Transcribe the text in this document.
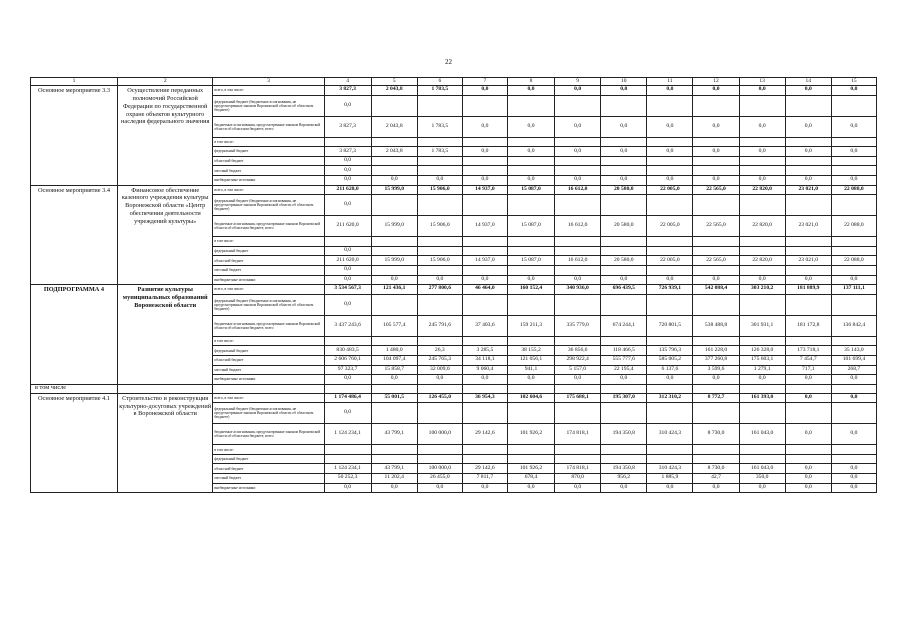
22
1	2	3	4	5	6	7	8	9	10	11	12	13	14	15
Основное мероприятие 3.3	Осуществление переданных полномочий Российской Федерации по государственной охране объектов культурного наследия федерального значения	всего, в том числе:	3 827,3	2 043,8	1 783,5	0,0	0,0	0,0	0,0	0,0	0,0	0,0	0,0	0,0
		федеральный бюджет (бюджетные ассигнования, не предусмотренные законом Воронежской области об областном бюджете)	0,0											
		бюджетные ассигнования, предусмотренные законом Воронежской области об областном бюджете, всего	3 827,3	2 043,8	1 783,5	0,0	0,0	0,0	0,0	0,0	0,0	0,0	0,0	0,0
		в том числе:												
		федеральный бюджет	3 827,3	2 043,8	1 783,5	0,0	0,0	0,0	0,0	0,0	0,0	0,0	0,0	0,0
		областной бюджет	0,0											
		местный бюджет	0,0											
		внебюджетные источники	0,0	0,0	0,0	0,0	0,0	0,0	0,0	0,0	0,0	0,0	0,0	0,0
Основное мероприятие 3.4	Финансовое обеспечение казенного учреждения культуры Воронежской области «Центр обеспечения деятельности учреждений культуры»	всего, в том числе:	211 620,0	15 999,0	15 906,0	14 937,0	15 087,0	16 612,0	20 580,0	22 005,0	22 565,0	22 820,0	23 021,0	22 088,0
		федеральный бюджет (бюджетные ассигнования, не предусмотренные законом Воронежской области об областном бюджете)	0,0											
		бюджетные ассигнования, предусмотренные законом Воронежской области об областном бюджете, всего	211 620,0	15 999,0	15 906,0	14 937,0	15 087,0	16 612,0	20 580,0	22 005,0	22 565,0	22 820,0	23 021,0	22 088,0
		в том числе:												
		федеральный бюджет	0,0											
		областной бюджет	211 620,0	15 999,0	15 906,0	14 937,0	15 087,0	16 612,0	20 580,0	22 005,0	22 565,0	22 820,0	23 021,0	22 088,0
		местный бюджет	0,0											
		внебюджетные источники	0,0	0,0	0,0	0,0	0,0	0,0	0,0	0,0	0,0	0,0	0,0	0,0
ПОДПРОГРАММА 4	Развитие культуры муниципальных образований Воронежской области	всего, в том числе:	3 534 567,3	121 436,1	277 800,6	46 464,0	160 152,4	340 936,0	696 439,5	726 939,1	542 088,4	303 210,2	181 889,9	137 111,1
		федеральный бюджет (бюджетные ассигнования, не предусмотренные законом Воронежской области об областном бюджете)	0,0											
		бюджетные ассигнования, предусмотренные законом Воронежской области об областном бюджете, всего	3 437 243,6	105 577,4	245 791,6	37 403,6	159 211,3	335 779,0	674 244,1	720 801,5	538 488,8	301 931,1	181 172,8	136 842,4
		в том числе:												
		федеральный бюджет	830 483,5	1 480,0	26,3	3 285,5	38 155,2	36 856,6	118 466,5	135 796,3	161 228,0	126 328,0	173 718,1	35 143,0
		областной бюджет	2 606 760,1	104 097,4	245 765,3	34 118,1	121 056,1	298 922,4	555 777,6	585 005,2	377 260,8	175 603,1	7 454,7	101 699,4
		местный бюджет	97 323,7	15 858,7	32 009,0	9 060,4	941,1	5 157,0	22 195,4	6 137,6	3 599,6	1 279,1	717,1	268,7
		внебюджетные источники	0,0	0,0	0,0	0,0	0,0	0,0	0,0	0,0	0,0	0,0	0,0	0,0
в том числе														
Основное мероприятие 4.1	Строительство и реконструкция культурно-досуговых учреждений в Воронежской области	всего, в том числе:	1 174 486,4	55 001,5	126 455,0	36 954,3	102 604,6	175 688,1	195 307,0	312 310,2	8 772,7	161 393,0	0,0	0,0
		федеральный бюджет (бюджетные ассигнования, не предусмотренные законом Воронежской области об областном бюджете)	0,0											
		бюджетные ассигнования, предусмотренные законом Воронежской области об областном бюджете, всего	1 124 234,1	43 799,1	100 000,0	29 142,6	101 926,2	174 818,1	194 350,8	310 424,3	8 730,0	161 043,0	0,0	0,0
		в том числе:												
		федеральный бюджет												
		областной бюджет	1 124 234,1	43 799,1	100 000,0	29 142,6	101 926,2	174 818,1	194 350,8	310 424,3	8 730,0	161 043,0	0,0	0,0
		местный бюджет	50 252,3	11 202,4	26 455,0	7 811,7	678,4	870,0	956,2	1 885,9	42,7	350,0	0,0	0,0
		внебюджетные источники	0,0	0,0	0,0	0,0	0,0	0,0	0,0	0,0	0,0	0,0	0,0	0,0
